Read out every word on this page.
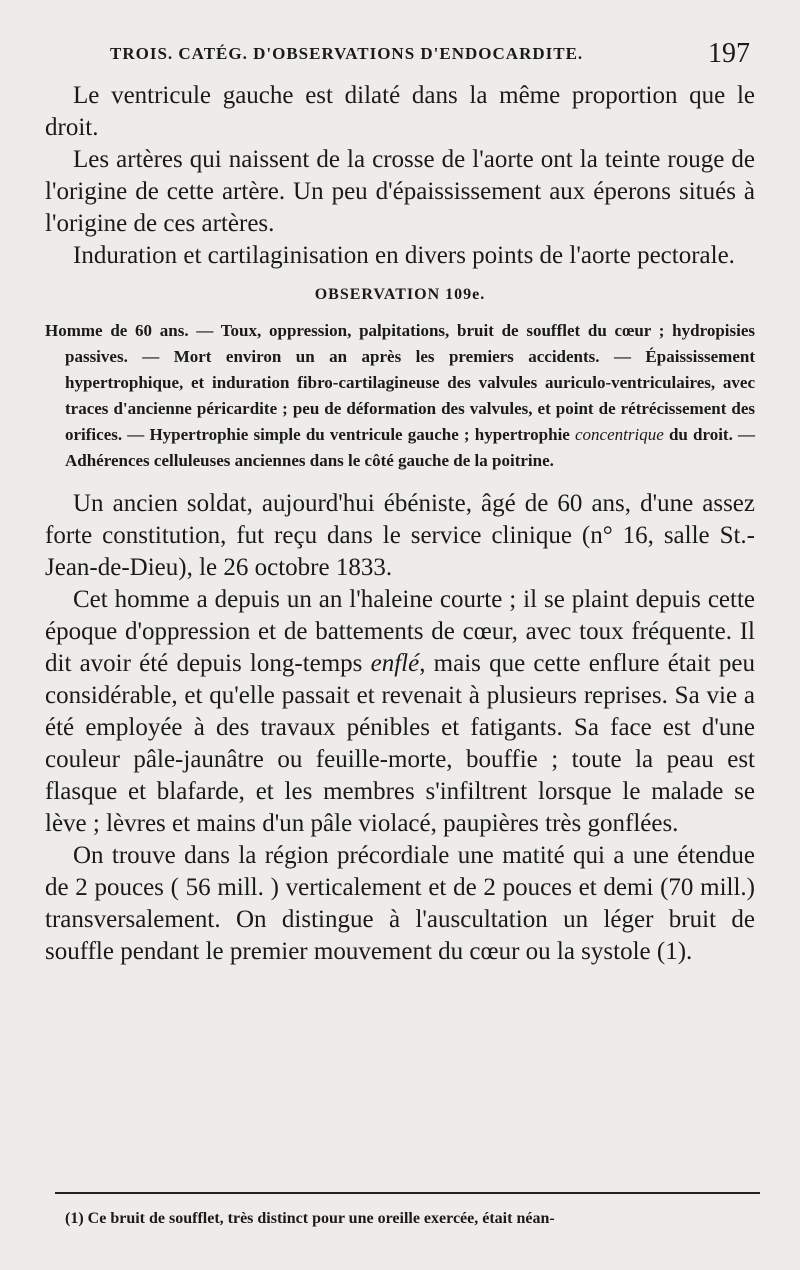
TROIS. CATÉG. D'OBSERVATIONS D'ENDOCARDITE.	197

Le ventricule gauche est dilaté dans la même proportion que le droit.

Les artères qui naissent de la crosse de l'aorte ont la teinte rouge de l'origine de cette artère. Un peu d'épaississement aux éperons situés à l'origine de ces artères.

Induration et cartilaginisation en divers points de l'aorte pectorale.

OBSERVATION 109e.

Homme de 60 ans. — Toux, oppression, palpitations, bruit de soufflet du cœur ; hydropisies passives. — Mort environ un an après les premiers accidents. — Épaississement hypertrophique, et induration fibro-cartilagineuse des valvules auriculo-ventriculaires, avec traces d'ancienne péricardite ; peu de déformation des valvules, et point de rétrécissement des orifices. — Hypertrophie simple du ventricule gauche ; hypertrophie concentrique du droit. — Adhérences celluleuses anciennes dans le côté gauche de la poitrine.

Un ancien soldat, aujourd'hui ébéniste, âgé de 60 ans, d'une assez forte constitution, fut reçu dans le service clinique (n° 16, salle St.-Jean-de-Dieu), le 26 octobre 1833.

Cet homme a depuis un an l'haleine courte ; il se plaint depuis cette époque d'oppression et de battements de cœur, avec toux fréquente. Il dit avoir été depuis long-temps enflé, mais que cette enflure était peu considérable, et qu'elle passait et revenait à plusieurs reprises. Sa vie a été employée à des travaux pénibles et fatigants. Sa face est d'une couleur pâle-jaunâtre ou feuille-morte, bouffie ; toute la peau est flasque et blafarde, et les membres s'infiltrent lorsque le malade se lève ; lèvres et mains d'un pâle violacé, paupières très gonflées.

On trouve dans la région précordiale une matité qui a une étendue de 2 pouces ( 56 mill. ) verticalement et de 2 pouces et demi (70 mill.) transversalement. On distingue à l'auscultation un léger bruit de souffle pendant le premier mouvement du cœur ou la systole (1).

(1) Ce bruit de soufflet, très distinct pour une oreille exercée, était néan-
